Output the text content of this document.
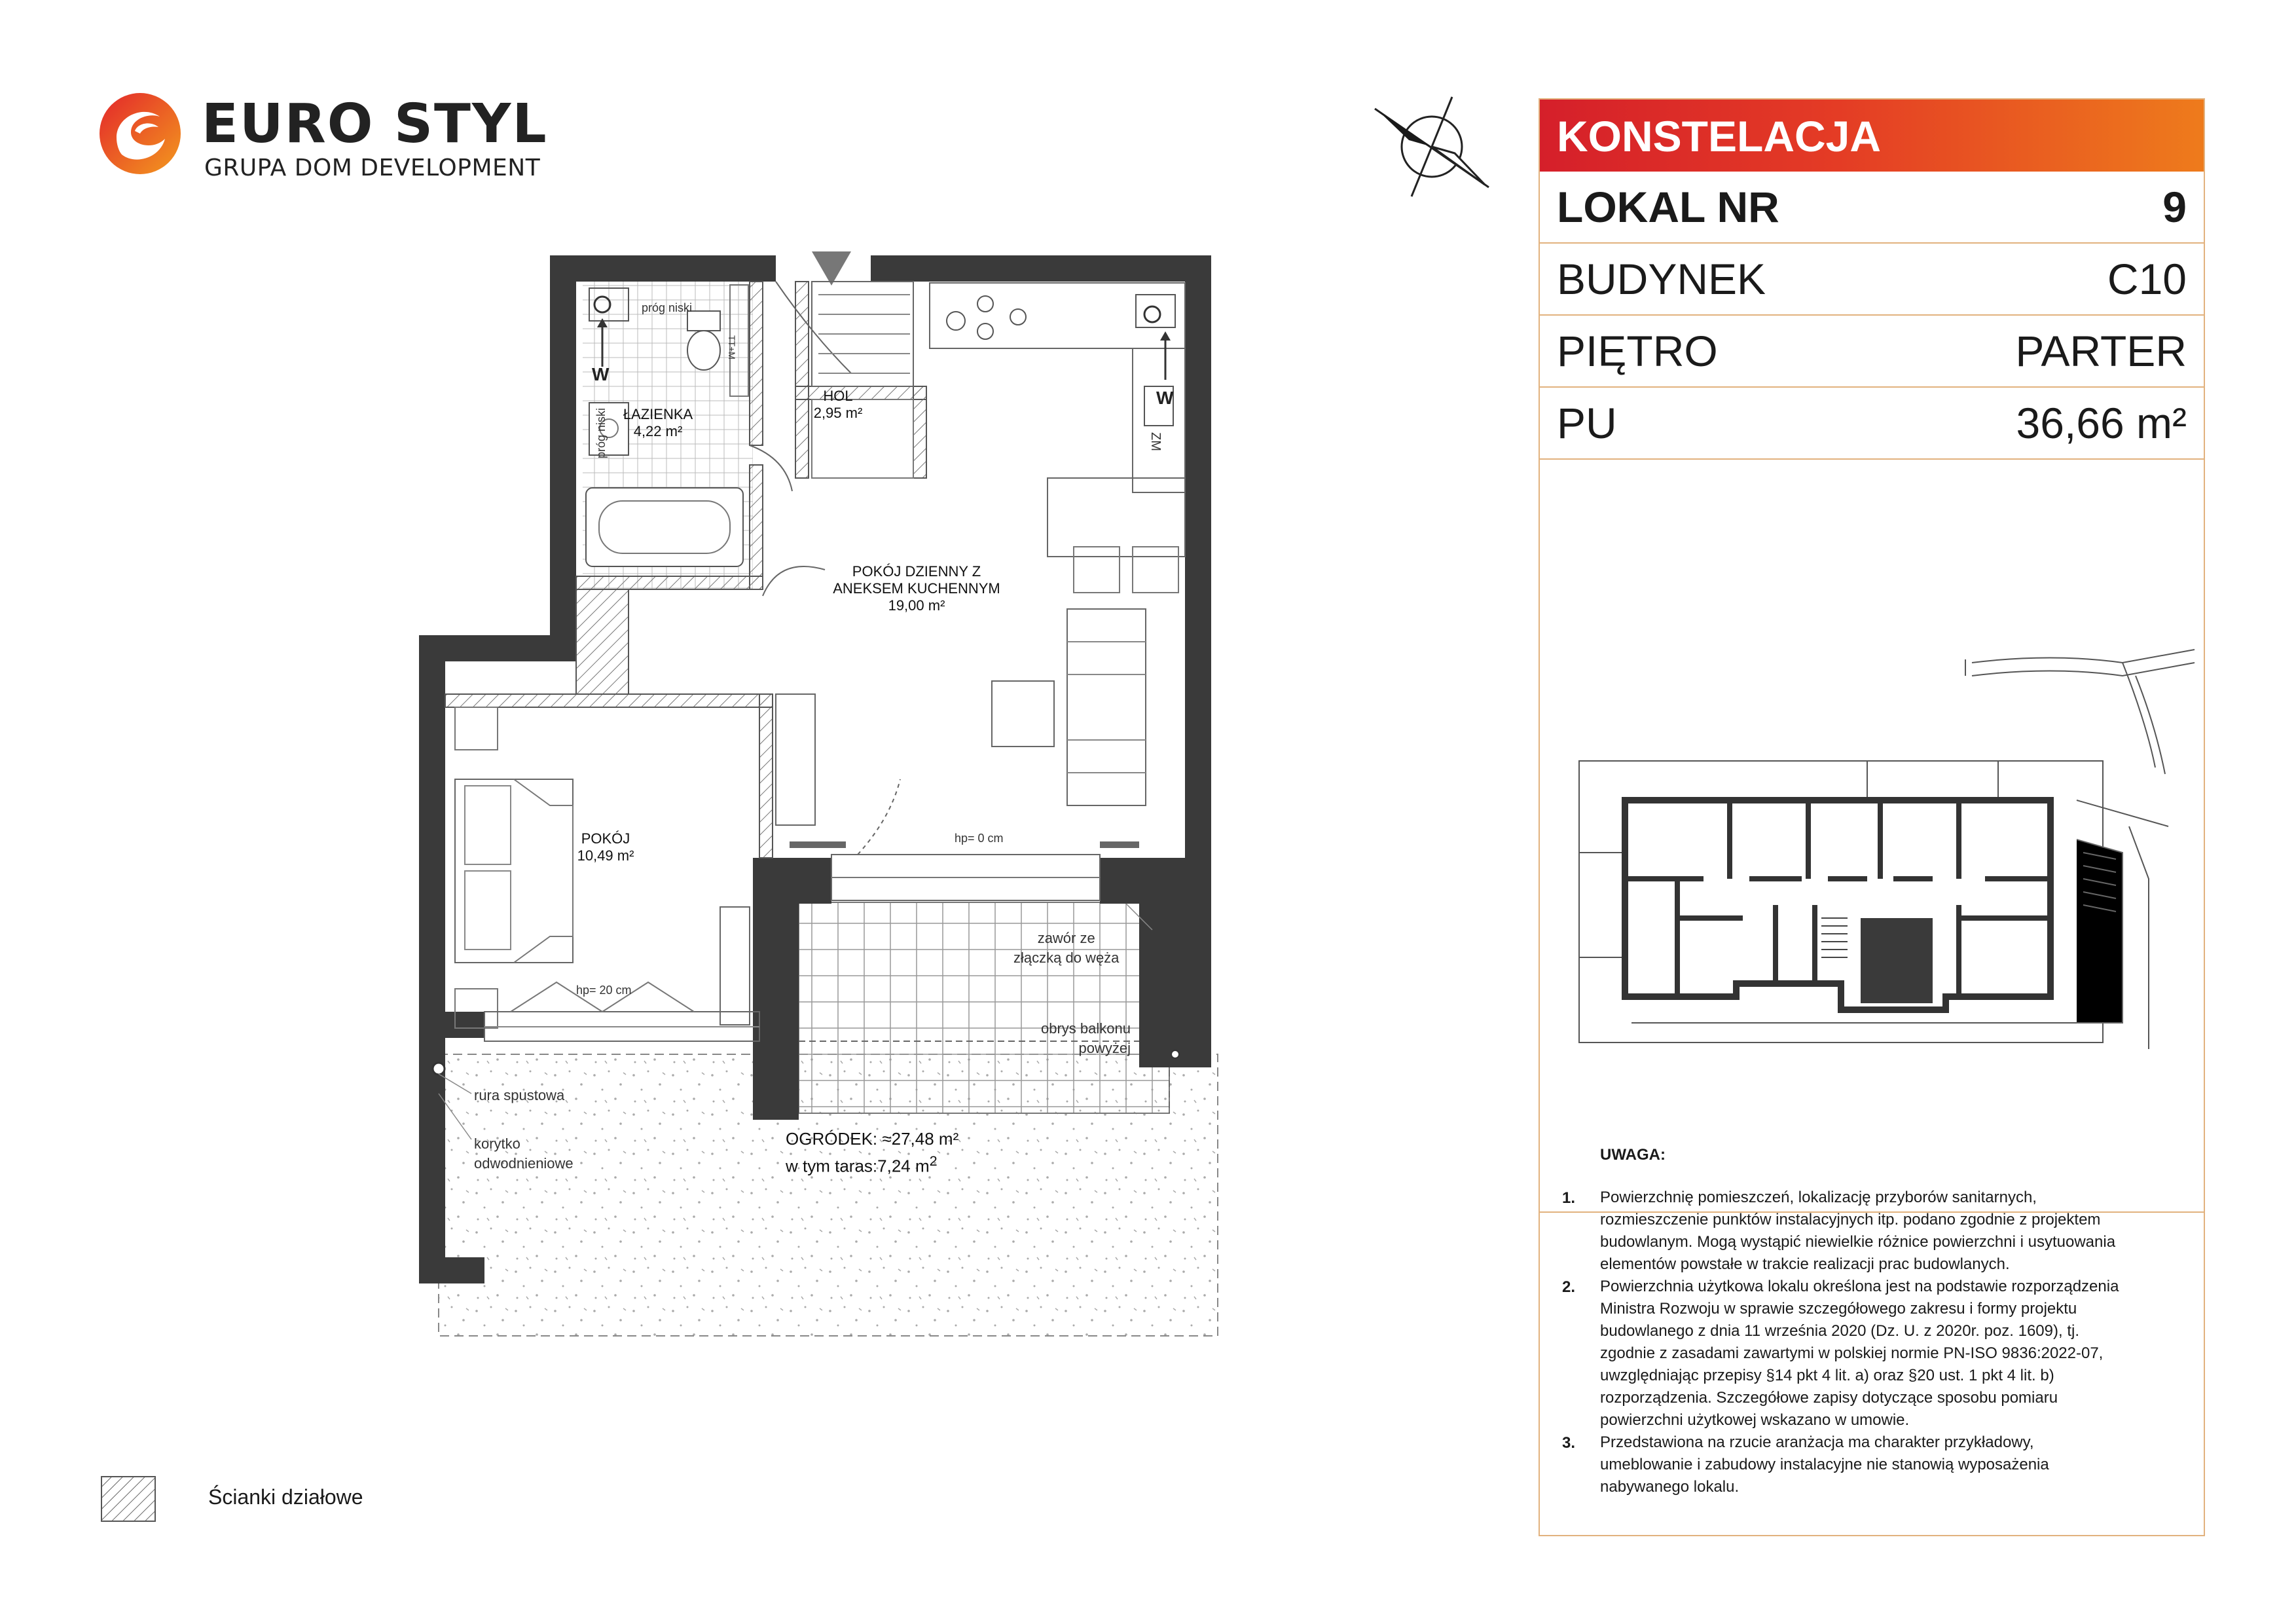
EURO STYL
GRUPA DOM DEVELOPMENT
KONSTELACJA
LOKAL NR	9
BUDYNEK	C10
PIĘTRO	PARTER
PU	36,66 m²
UWAGA:
1. Powierzchnię pomieszczeń, lokalizację przyborów sanitarnych,
rozmieszczenie punktów instalacyjnych itp. podano zgodnie z projektem
budowlanym. Mogą wystąpić niewielkie różnice powierzchni i usytuowania
elementów powstałe w trakcie realizacji prac budowlanych.
2. Powierzchnia użytkowa lokalu określona jest na podstawie rozporządzenia
Ministra Rozwoju w sprawie szczegółowego zakresu i formy projektu
budowlanego z dnia 11 września 2020 (Dz. U. z 2020r. poz. 1609), tj.
zgodnie z zasadami zawartymi w polskiej normie PN-ISO 9836:2022-07,
uwzględniając przepisy §14 pkt 4 lit. a) oraz §20 ust. 1 pkt 4 lit. b)
rozporządzenia. Szczegółowe zapisy dotyczące sposobu pomiaru
powierzchni użytkowej wskazano w umowie.
3. Przedstawiona na rzucie aranżacja ma charakter przykładowy,
umeblowanie i zabudowy instalacyjne nie stanowią wyposażenia
nabywanego lokalu.
ŁAZIENKA
4,22 m²
HOL
2,95 m²
POKÓJ DZIENNY Z
ANEKSEM KUCHENNYM
19,00 m²
POKÓJ
10,49 m²
OGRÓDEK: ≈27,48 m²
w tym taras:7,24 $m^2$
próg niski
próg niski
W
W
ZM
TT+M
hp= 0 cm
hp= 20 cm
zawór ze
złączką do węża
obrys balkonu
powyżej
rura spustowa
korytko
odwodnieniowe
Ścianki działowe
